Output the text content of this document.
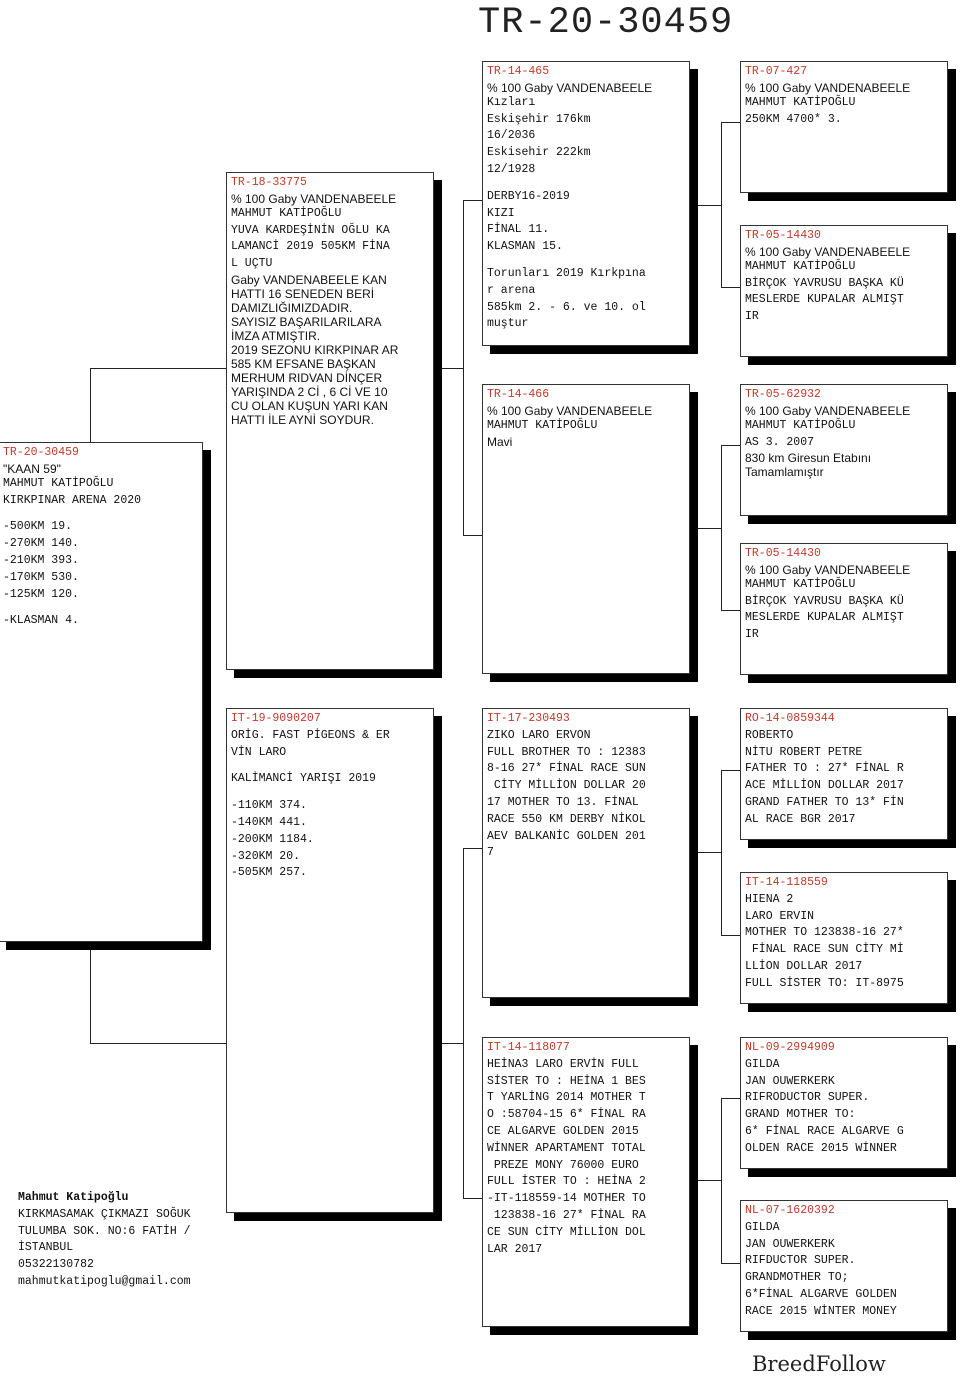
TR-20-30459
TR-20-30459
"KAAN 59"
MAHMUT KATİPOĞLU
KIRKPINAR ARENA 2020
-500KM 19.
-270KM 140.
-210KM 393.
-170KM 530.
-125KM 120.
-KLASMAN 4.
TR-18-33775
% 100 Gaby VANDENABEELE
MAHMUT KATİPOĞLU
YUVA KARDEŞİNİN OĞLU KA
LAMANCİ 2019 505KM FİNA
L UÇTU
Gaby VANDENABEELE KAN
HATTI 16 SENEDEN BERİ
DAMIZLIĞIMIZDADIR.
SAYISIZ BAŞARILARILARA
İMZA ATMIŞTIR.
2019 SEZONU KIRKPINAR AR
585 KM EFSANE BAŞKAN
MERHUM RIDVAN DİNÇER
YARIŞINDA 2 Cİ , 6 Cİ VE 10
CU OLAN KUŞUN YARI KAN
HATTI İLE AYNİ SOYDUR.
IT-19-9090207
ORİG. FAST PİGEONS & ER
VİN LARO
KALİMANCİ YARIŞI 2019
-110KM 374.
-140KM 441.
-200KM 1184.
-320KM 20.
-505KM 257.
TR-14-465
% 100 Gaby VANDENABEELE
Kızları
Eskişehir 176km
16/2036
Eskisehir 222km
12/1928
DERBY16-2019
KIZI
FİNAL 11.
KLASMAN 15.
Torunları 2019 Kırkpına
r arena
585km 2. - 6. ve 10. ol
muştur
TR-14-466
% 100 Gaby VANDENABEELE
MAHMUT KATİPOĞLU
Mavi
IT-17-230493
ZIKO LARO ERVON
FULL BROTHER TO : 12383
8-16 27* FİNAL RACE SUN
CİTY MİLLİON DOLLAR 20
17 MOTHER TO 13. FİNAL
RACE 550 KM DERBY NİKOL
AEV BALKANİC GOLDEN 201
7
IT-14-118077
HEİNA3 LARO ERVİN FULL
SİSTER TO : HEİNA 1 BES
T YARLİNG 2014 MOTHER T
O :58704-15 6* FİNAL RA
CE ALGARVE GOLDEN 2015
WİNNER APARTAMENT TOTAL
PREZE MONY 76000 EURO
FULL İSTER TO : HEİNA 2
-IT-118559-14 MOTHER TO
123838-16 27* FİNAL RA
CE SUN CİTY MİLLİON DOL
LAR 2017
TR-07-427
% 100 Gaby VANDENABEELE
MAHMUT KATİPOĞLU
250KM 4700* 3.
TR-05-14430
% 100 Gaby VANDENABEELE
MAHMUT KATİPOĞLU
BİRÇOK YAVRUSU BAŞKA KÜ
MESLERDE KUPALAR ALMIŞT
IR
TR-05-62932
% 100 Gaby VANDENABEELE
MAHMUT KATİPOĞLU
AS 3. 2007
830 km Giresun Etabını
Tamamlamıştır
TR-05-14430
% 100 Gaby VANDENABEELE
MAHMUT KATİPOĞLU
BİRÇOK YAVRUSU BAŞKA KÜ
MESLERDE KUPALAR ALMIŞT
IR
RO-14-0859344
ROBERTO
NİTU ROBERT PETRE
FATHER TO : 27* FİNAL R
ACE MİLLİON DOLLAR 2017
GRAND FATHER TO 13* FİN
AL RACE BGR 2017
IT-14-118559
HIENA 2
LARO ERVIN
MOTHER TO 123838-16 27*
FİNAL RACE SUN CİTY Mİ
LLİON DOLLAR 2017
FULL SİSTER TO: IT-8975
NL-09-2994909
GILDA
JAN OUWERKERK
RIFRODUCTOR SUPER.
GRAND MOTHER TO:
6* FİNAL RACE ALGARVE G
OLDEN RACE 2015 WİNNER
NL-07-1620392
GILDA
JAN OUWERKERK
RIFDUCTOR SUPER.
GRANDMOTHER TO;
6*FİNAL ALGARVE GOLDEN
RACE 2015 WİNTER MONEY
Mahmut Katipoğlu
KIRKMASAMAK ÇIKMAZI SOĞUK
TULUMBA SOK. NO:6 FATİH /
İSTANBUL
05322130782
mahmutkatipoglu@gmail.com
BreedFollow
